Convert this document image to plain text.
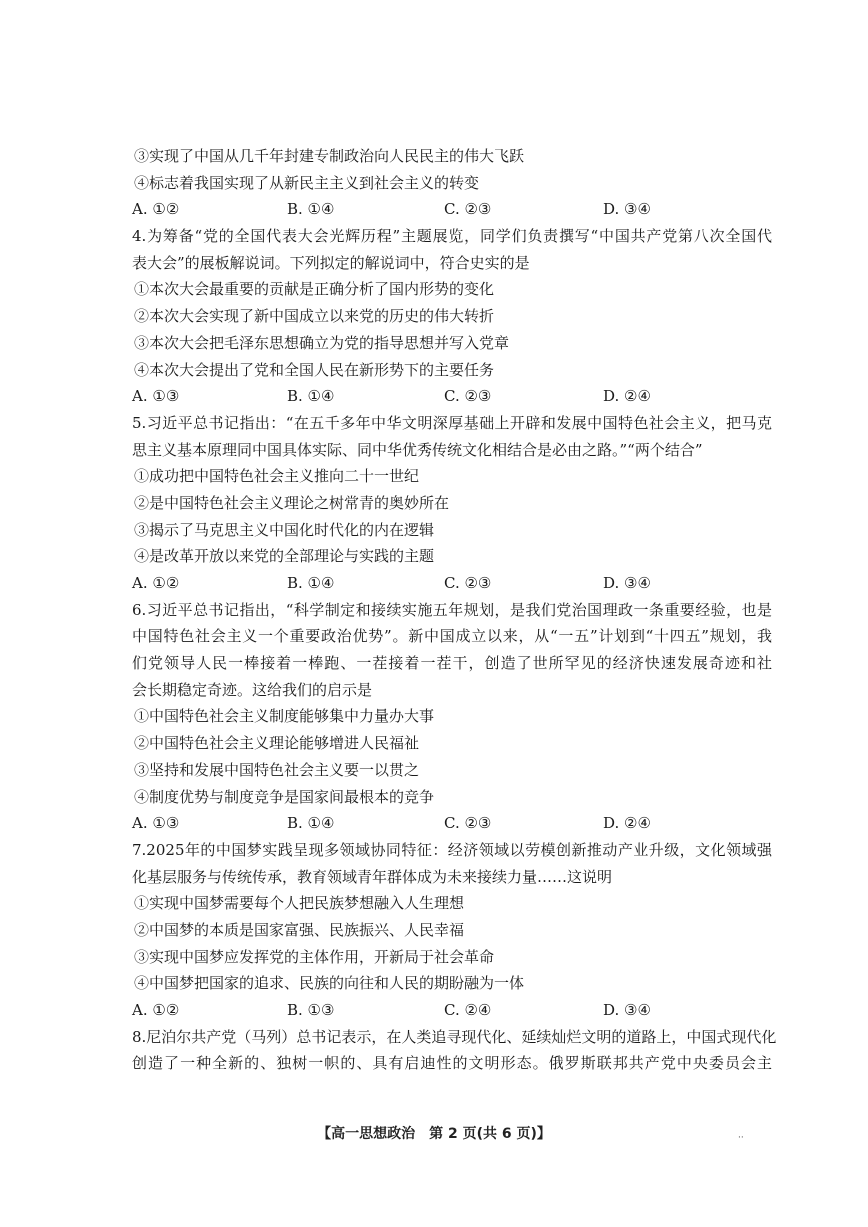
③实现了中国从几千年封建专制政治向人民民主的伟大飞跃
④标志着我国实现了从新民主主义到社会主义的转变
A. ①②	B. ①④	C. ②③	D. ③④
4.为筹备“党的全国代表大会光辉历程”主题展览，同学们负责撰写“中国共产党第八次全国代
表大会”的展板解说词。下列拟定的解说词中，符合史实的是
①本次大会最重要的贡献是正确分析了国内形势的变化
②本次大会实现了新中国成立以来党的历史的伟大转折
③本次大会把毛泽东思想确立为党的指导思想并写入党章
④本次大会提出了党和全国人民在新形势下的主要任务
A. ①③	B. ①④	C. ②③	D. ②④
5.习近平总书记指出：“在五千多年中华文明深厚基础上开辟和发展中国特色社会主义，把马克
思主义基本原理同中国具体实际、同中华优秀传统文化相结合是必由之路。”“两个结合”
①成功把中国特色社会主义推向二十一世纪
②是中国特色社会主义理论之树常青的奥妙所在
③揭示了马克思主义中国化时代化的内在逻辑
④是改革开放以来党的全部理论与实践的主题
A. ①②	B. ①④	C. ②③	D. ③④
6.习近平总书记指出，“科学制定和接续实施五年规划，是我们党治国理政一条重要经验，也是
中国特色社会主义一个重要政治优势”。新中国成立以来，从“一五”计划到“十四五”规划，我
们党领导人民一棒接着一棒跑、一茬接着一茬干，创造了世所罕见的经济快速发展奇迹和社
会长期稳定奇迹。这给我们的启示是
①中国特色社会主义制度能够集中力量办大事
②中国特色社会主义理论能够增进人民福祉
③坚持和发展中国特色社会主义要一以贯之
④制度优势与制度竞争是国家间最根本的竞争
A. ①③	B. ①④	C. ②③	D. ②④
7.2025年的中国梦实践呈现多领域协同特征：经济领域以劳模创新推动产业升级，文化领域强
化基层服务与传统传承，教育领域青年群体成为未来接续力量……这说明
①实现中国梦需要每个人把民族梦想融入人生理想
②中国梦的本质是国家富强、民族振兴、人民幸福
③实现中国梦应发挥党的主体作用，开新局于社会革命
④中国梦把国家的追求、民族的向往和人民的期盼融为一体
A. ①②	B. ①③	C. ②④	D. ③④
8.尼泊尔共产党（马列）总书记表示，在人类追寻现代化、延续灿烂文明的道路上，中国式现代化
创造了一种全新的、独树一帜的、具有启迪性的文明形态。俄罗斯联邦共产党中央委员会主
【高一思想政治　第 2 页(共 6 页)】	··
